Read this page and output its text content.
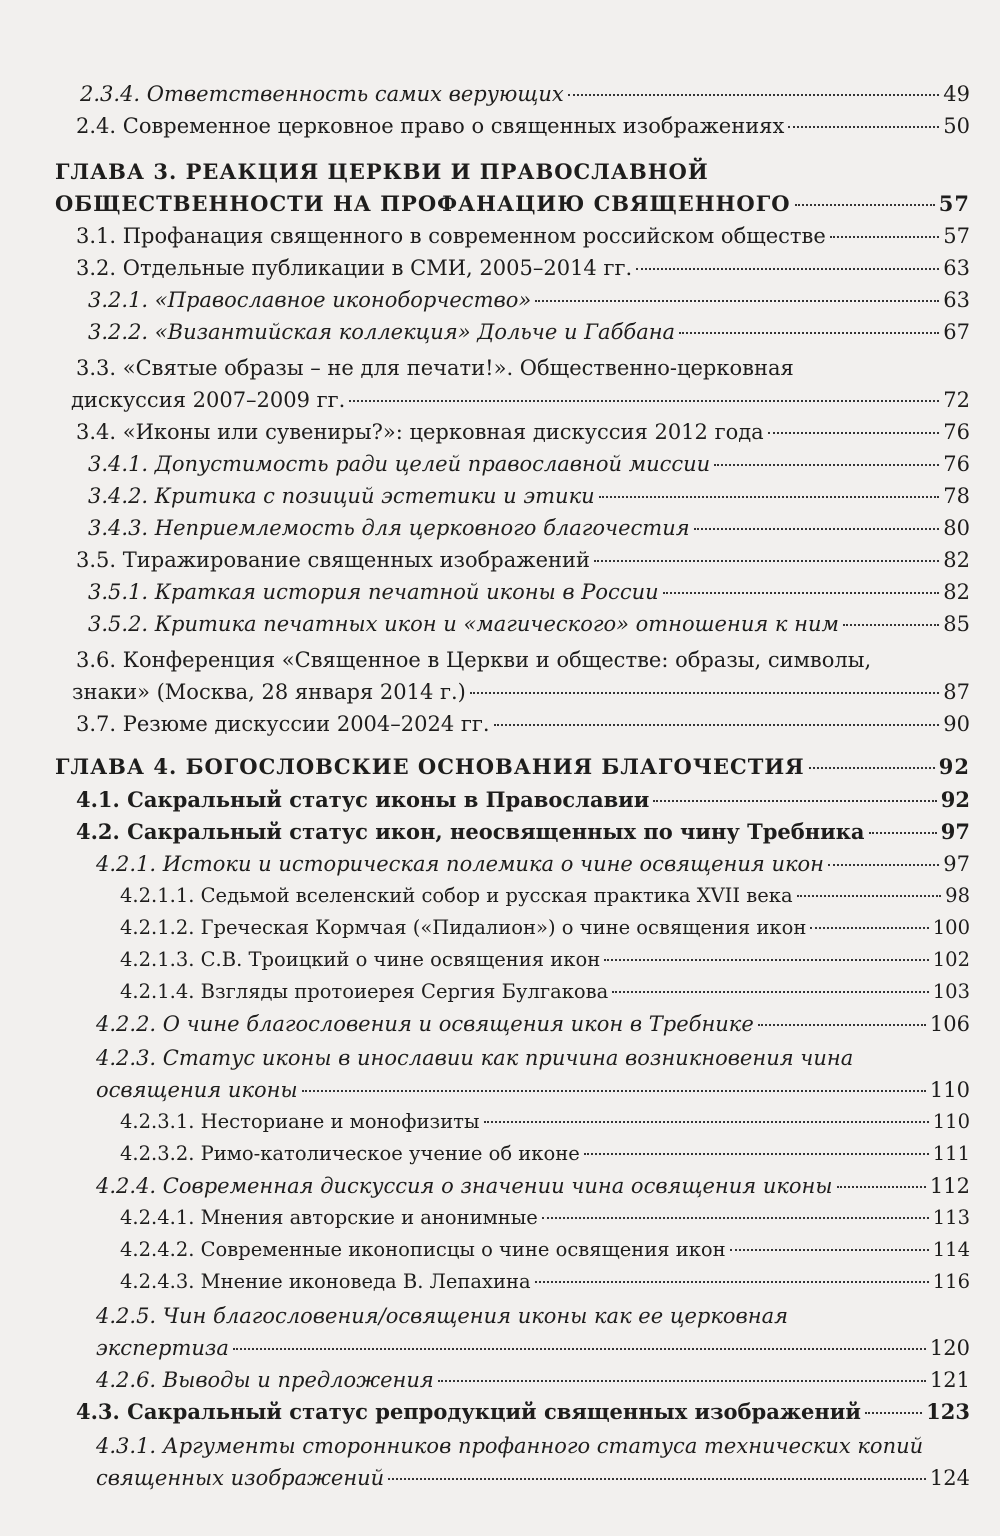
2.3.4. Ответственность самих верующих	49
2.4. Современное церковное право о священных изображениях	50
ГЛАВА 3. РЕАКЦИЯ ЦЕРКВИ И ПРАВОСЛАВНОЙ
ОБЩЕСТВЕННОСТИ НА ПРОФАНАЦИЮ СВЯЩЕННОГО	57
3.1. Профанация священного в современном российском обществе	57
3.2. Отдельные публикации в СМИ, 2005–2014 гг.	63
3.2.1. «Православное иконоборчество»	63
3.2.2. «Византийская коллекция» Дольче и Габбана	67
3.3. «Святые образы – не для печати!». Общественно-церковная
дискуссия 2007–2009 гг.	72
3.4. «Иконы или сувениры?»: церковная дискуссия 2012 года	76
3.4.1. Допустимость ради целей православной миссии	76
3.4.2. Критика с позиций эстетики и этики	78
3.4.3. Неприемлемость для церковного благочестия	80
3.5. Тиражирование священных изображений	82
3.5.1. Краткая история печатной иконы в России	82
3.5.2. Критика печатных икон и «магического» отношения к ним	85
3.6. Конференция «Священное в Церкви и обществе: образы, символы,
знаки» (Москва, 28 января 2014 г.)	87
3.7. Резюме дискуссии 2004–2024 гг.	90
ГЛАВА 4. БОГОСЛОВСКИЕ ОСНОВАНИЯ БЛАГОЧЕСТИЯ	92
4.1. Сакральный статус иконы в Православии	92
4.2. Сакральный статус икон, неосвященных по чину Требника	97
4.2.1. Истоки и историческая полемика о чине освящения икон	97
4.2.1.1. Седьмой вселенский собор и русская практика XVII века	98
4.2.1.2. Греческая Кормчая («Пидалион») о чине освящения икон	100
4.2.1.3. С.В. Троицкий о чине освящения икон	102
4.2.1.4. Взгляды протоиерея Сергия Булгакова	103
4.2.2. О чине благословения и освящения икон в Требнике	106
4.2.3. Статус иконы в инославии как причина возникновения чина
освящения иконы	110
4.2.3.1. Несториане и монофизиты	110
4.2.3.2. Римо-католическое учение об иконе	111
4.2.4. Современная дискуссия о значении чина освящения иконы	112
4.2.4.1. Мнения авторские и анонимные	113
4.2.4.2. Современные иконописцы о чине освящения икон	114
4.2.4.3. Мнение иконоведа В. Лепахина	116
4.2.5. Чин благословения/освящения иконы как ее церковная
экспертиза	120
4.2.6. Выводы и предложения	121
4.3. Сакральный статус репродукций священных изображений	123
4.3.1. Аргументы сторонников профанного статуса технических копий
священных изображений	124
